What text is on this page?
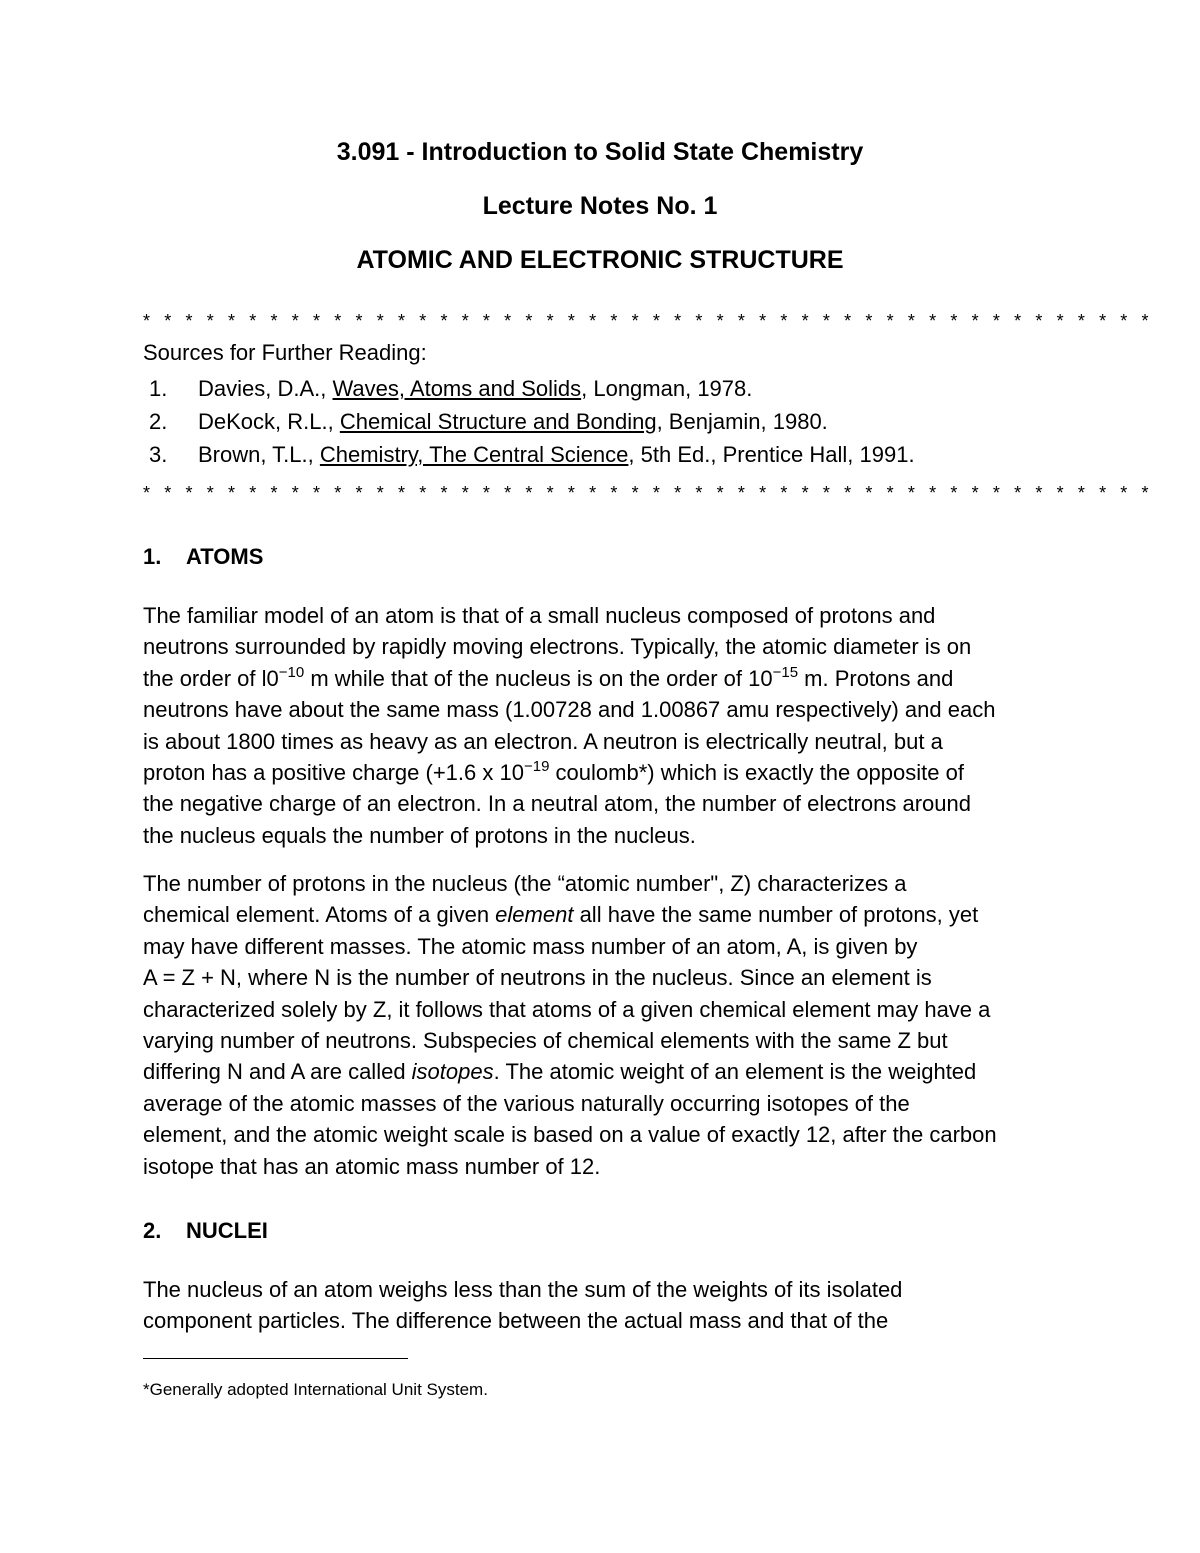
3.091 - Introduction to Solid State Chemistry
Lecture Notes No. 1
ATOMIC AND ELECTRONIC STRUCTURE
* * * * * * * * * * * * * * * * * * * * * * * * * * * * * * * * * * * * * * * * * * * * * * * *
Sources for Further Reading:
1. Davies, D.A., Waves, Atoms and Solids, Longman, 1978.
2. DeKock, R.L., Chemical Structure and Bonding, Benjamin, 1980.
3. Brown, T.L., Chemistry, The Central Science, 5th Ed., Prentice Hall, 1991.
* * * * * * * * * * * * * * * * * * * * * * * * * * * * * * * * * * * * * * * * * * * * * * * *
1. ATOMS
The familiar model of an atom is that of a small nucleus composed of protons and
neutrons surrounded by rapidly moving electrons. Typically, the atomic diameter is on
the order of $l0^{-10}$ m while that of the nucleus is on the order of $10^{-15}$ m. Protons and
neutrons have about the same mass (1.00728 and 1.00867 amu respectively) and each
is about 1800 times as heavy as an electron. A neutron is electrically neutral, but a
proton has a positive charge (+1.6 x $10^{-19}$ coulomb*) which is exactly the opposite of
the negative charge of an electron. In a neutral atom, the number of electrons around
the nucleus equals the number of protons in the nucleus.
The number of protons in the nucleus (the “atomic number", Z) characterizes a
chemical element. Atoms of a given element all have the same number of protons, yet
may have different masses. The atomic mass number of an atom, A, is given by
A = Z + N, where N is the number of neutrons in the nucleus. Since an element is
characterized solely by Z, it follows that atoms of a given chemical element may have a
varying number of neutrons. Subspecies of chemical elements with the same Z but
differing N and A are called isotopes. The atomic weight of an element is the weighted
average of the atomic masses of the various naturally occurring isotopes of the
element, and the atomic weight scale is based on a value of exactly 12, after the carbon
isotope that has an atomic mass number of 12.
2. NUCLEI
The nucleus of an atom weighs less than the sum of the weights of its isolated
component particles. The difference between the actual mass and that of the
*Generally adopted International Unit System.
